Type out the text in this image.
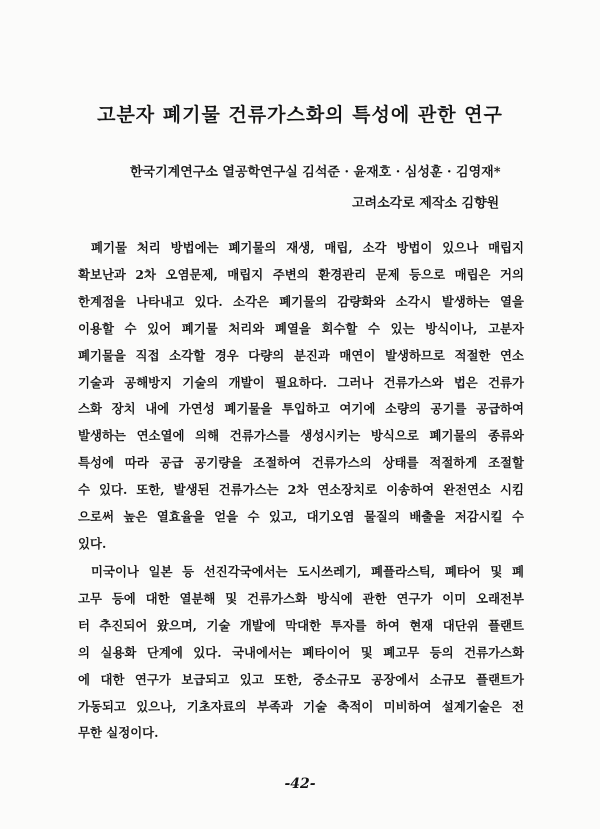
고분자 폐기물 건류가스화의 특성에 관한 연구
한국기계연구소 열공학연구실 김석준 · 윤재호 · 심성훈 · 김영재*
고려소각로 제작소 김향원
폐기물 처리 방법에는 폐기물의 재생, 매립, 소각 방법이 있으나 매립지
확보난과 2차 오염문제, 매립지 주변의 환경관리 문제 등으로 매립은 거의
한계점을 나타내고 있다. 소각은 폐기물의 감량화와 소각시 발생하는 열을
이용할 수 있어 폐기물 처리와 폐열을 회수할 수 있는 방식이나, 고분자
폐기물을 직접 소각할 경우 다량의 분진과 매연이 발생하므로 적절한 연소
기술과 공해방지 기술의 개발이 필요하다. 그러나 건류가스와 법은 건류가
스화 장치 내에 가연성 폐기물을 투입하고 여기에 소량의 공기를 공급하여
발생하는 연소열에 의해 건류가스를 생성시키는 방식으로 폐기물의 종류와
특성에 따라 공급 공기량을 조절하여 건류가스의 상태를 적절하게 조절할
수 있다. 또한, 발생된 건류가스는 2차 연소장치로 이송하여 완전연소 시킴
으로써 높은 열효율을 얻을 수 있고, 대기오염 물질의 배출을 저감시킬 수
있다.
미국이나 일본 등 선진각국에서는 도시쓰레기, 폐플라스틱, 폐타어 및 폐
고무 등에 대한 열분해 및 건류가스화 방식에 관한 연구가 이미 오래전부
터 추진되어 왔으며, 기술 개발에 막대한 투자를 하여 현재 대단위 플랜트
의 실용화 단계에 있다. 국내에서는 폐타이어 및 폐고무 등의 건류가스화
에 대한 연구가 보급되고 있고 또한, 중소규모 공장에서 소규모 플랜트가
가동되고 있으나, 기초자료의 부족과 기술 축적이 미비하여 설계기술은 전
무한 실정이다.
-42-
